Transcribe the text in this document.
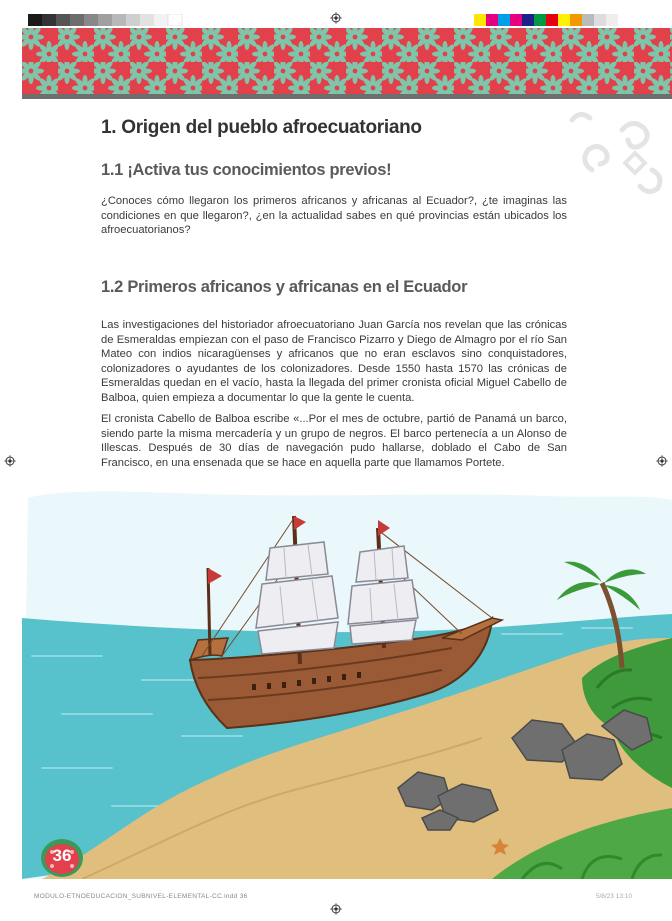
1. Origen del pueblo afroecuatoriano
1.1 ¡Activa tus conocimientos previos!

¿Conoces cómo llegaron los primeros africanos y africanas al Ecuador?, ¿te imaginas las condiciones en que llegaron?, ¿en la actualidad sabes en qué provincias están ubicados los afroecuatorianos?

1.2 Primeros africanos y africanas en el Ecuador

Las investigaciones del historiador afroecuatoriano Juan García nos revelan que las crónicas de Esmeraldas empiezan con el paso de Francisco Pizarro y Diego de Almagro por el río San Mateo con indios nicaragüenses y africanos que no eran esclavos sino conquistadores, colonizadores o ayudantes de los colonizadores. Desde 1550 hasta 1570 las crónicas de Esmeraldas quedan en el vacío, hasta la llegada del primer cronista oficial Miguel Cabello de Balboa, quien empieza a documentar lo que la gente le cuenta.

El cronista Cabello de Balboa escribe «...Por el mes de octubre, partió de Panamá un barco, siendo parte la misma mercadería y un grupo de negros. El barco pertenecía a un Alonso de Illescas. Después de 30 días de navegación pudo hallarse, doblado el Cabo de San Francisco, en una ensenada que se hace en aquella parte que llamamos Portete.

36
MODULO-ETNOEDUCACION_SUBNIVEL-ELEMENTAL-CC.indd 36	5/8/23 13:10
